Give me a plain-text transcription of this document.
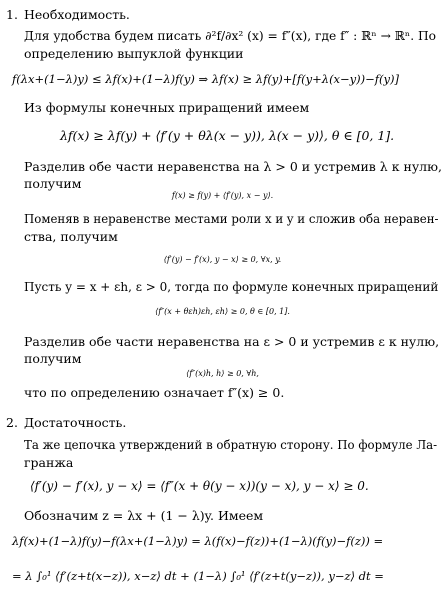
1. Необходимость.
Для удобства будем писать ∂²f/∂x² (x) = f″(x), где f″ : ℝⁿ → ℝⁿ. По
определению выпуклой функции
f(λx+(1−λ)y) ≤ λf(x)+(1−λ)f(y) ⇒ λf(x) ≥ λf(y)+[f(y+λ(x−y))−f(y)]
Из формулы конечных приращений имеем
λf(x) ≥ λf(y) + ⟨f′(y + θλ(x − y)), λ(x − y)⟩, θ ∈ [0, 1].
Разделив обе части неравенства на λ > 0 и устремив λ к нулю,
получим
f(x) ≥ f(y) + ⟨f′(y), x − y⟩.
Поменяв в неравенстве местами роли x и y и сложив оба неравен-
ства, получим
⟨f′(y) − f′(x), y − x⟩ ≥ 0, ∀x, y.
Пусть y = x + εh, ε > 0, тогда по формуле конечных приращений
⟨f″(x + θεh)εh, εh⟩ ≥ 0, θ ∈ [0, 1].
Разделив обе части неравенства на ε > 0 и устремив ε к нулю,
получим
⟨f″(x)h, h⟩ ≥ 0, ∀h,
что по определению означает f″(x) ≥ 0.
2. Достаточность.
Та же цепочка утверждений в обратную сторону. По формуле Ла-
гранжа
⟨f′(y) − f′(x), y − x⟩ = ⟨f″(x + θ(y − x))(y − x), y − x⟩ ≥ 0.
Обозначим z = λx + (1 − λ)y. Имеем
λf(x)+(1−λ)f(y)−f(λx+(1−λ)y) = λ(f(x)−f(z))+(1−λ)(f(y)−f(z)) =
= λ ∫₀¹ ⟨f′(z+t(x−z)), x−z⟩ dt + (1−λ) ∫₀¹ ⟨f′(z+t(y−z)), y−z⟩ dt =
